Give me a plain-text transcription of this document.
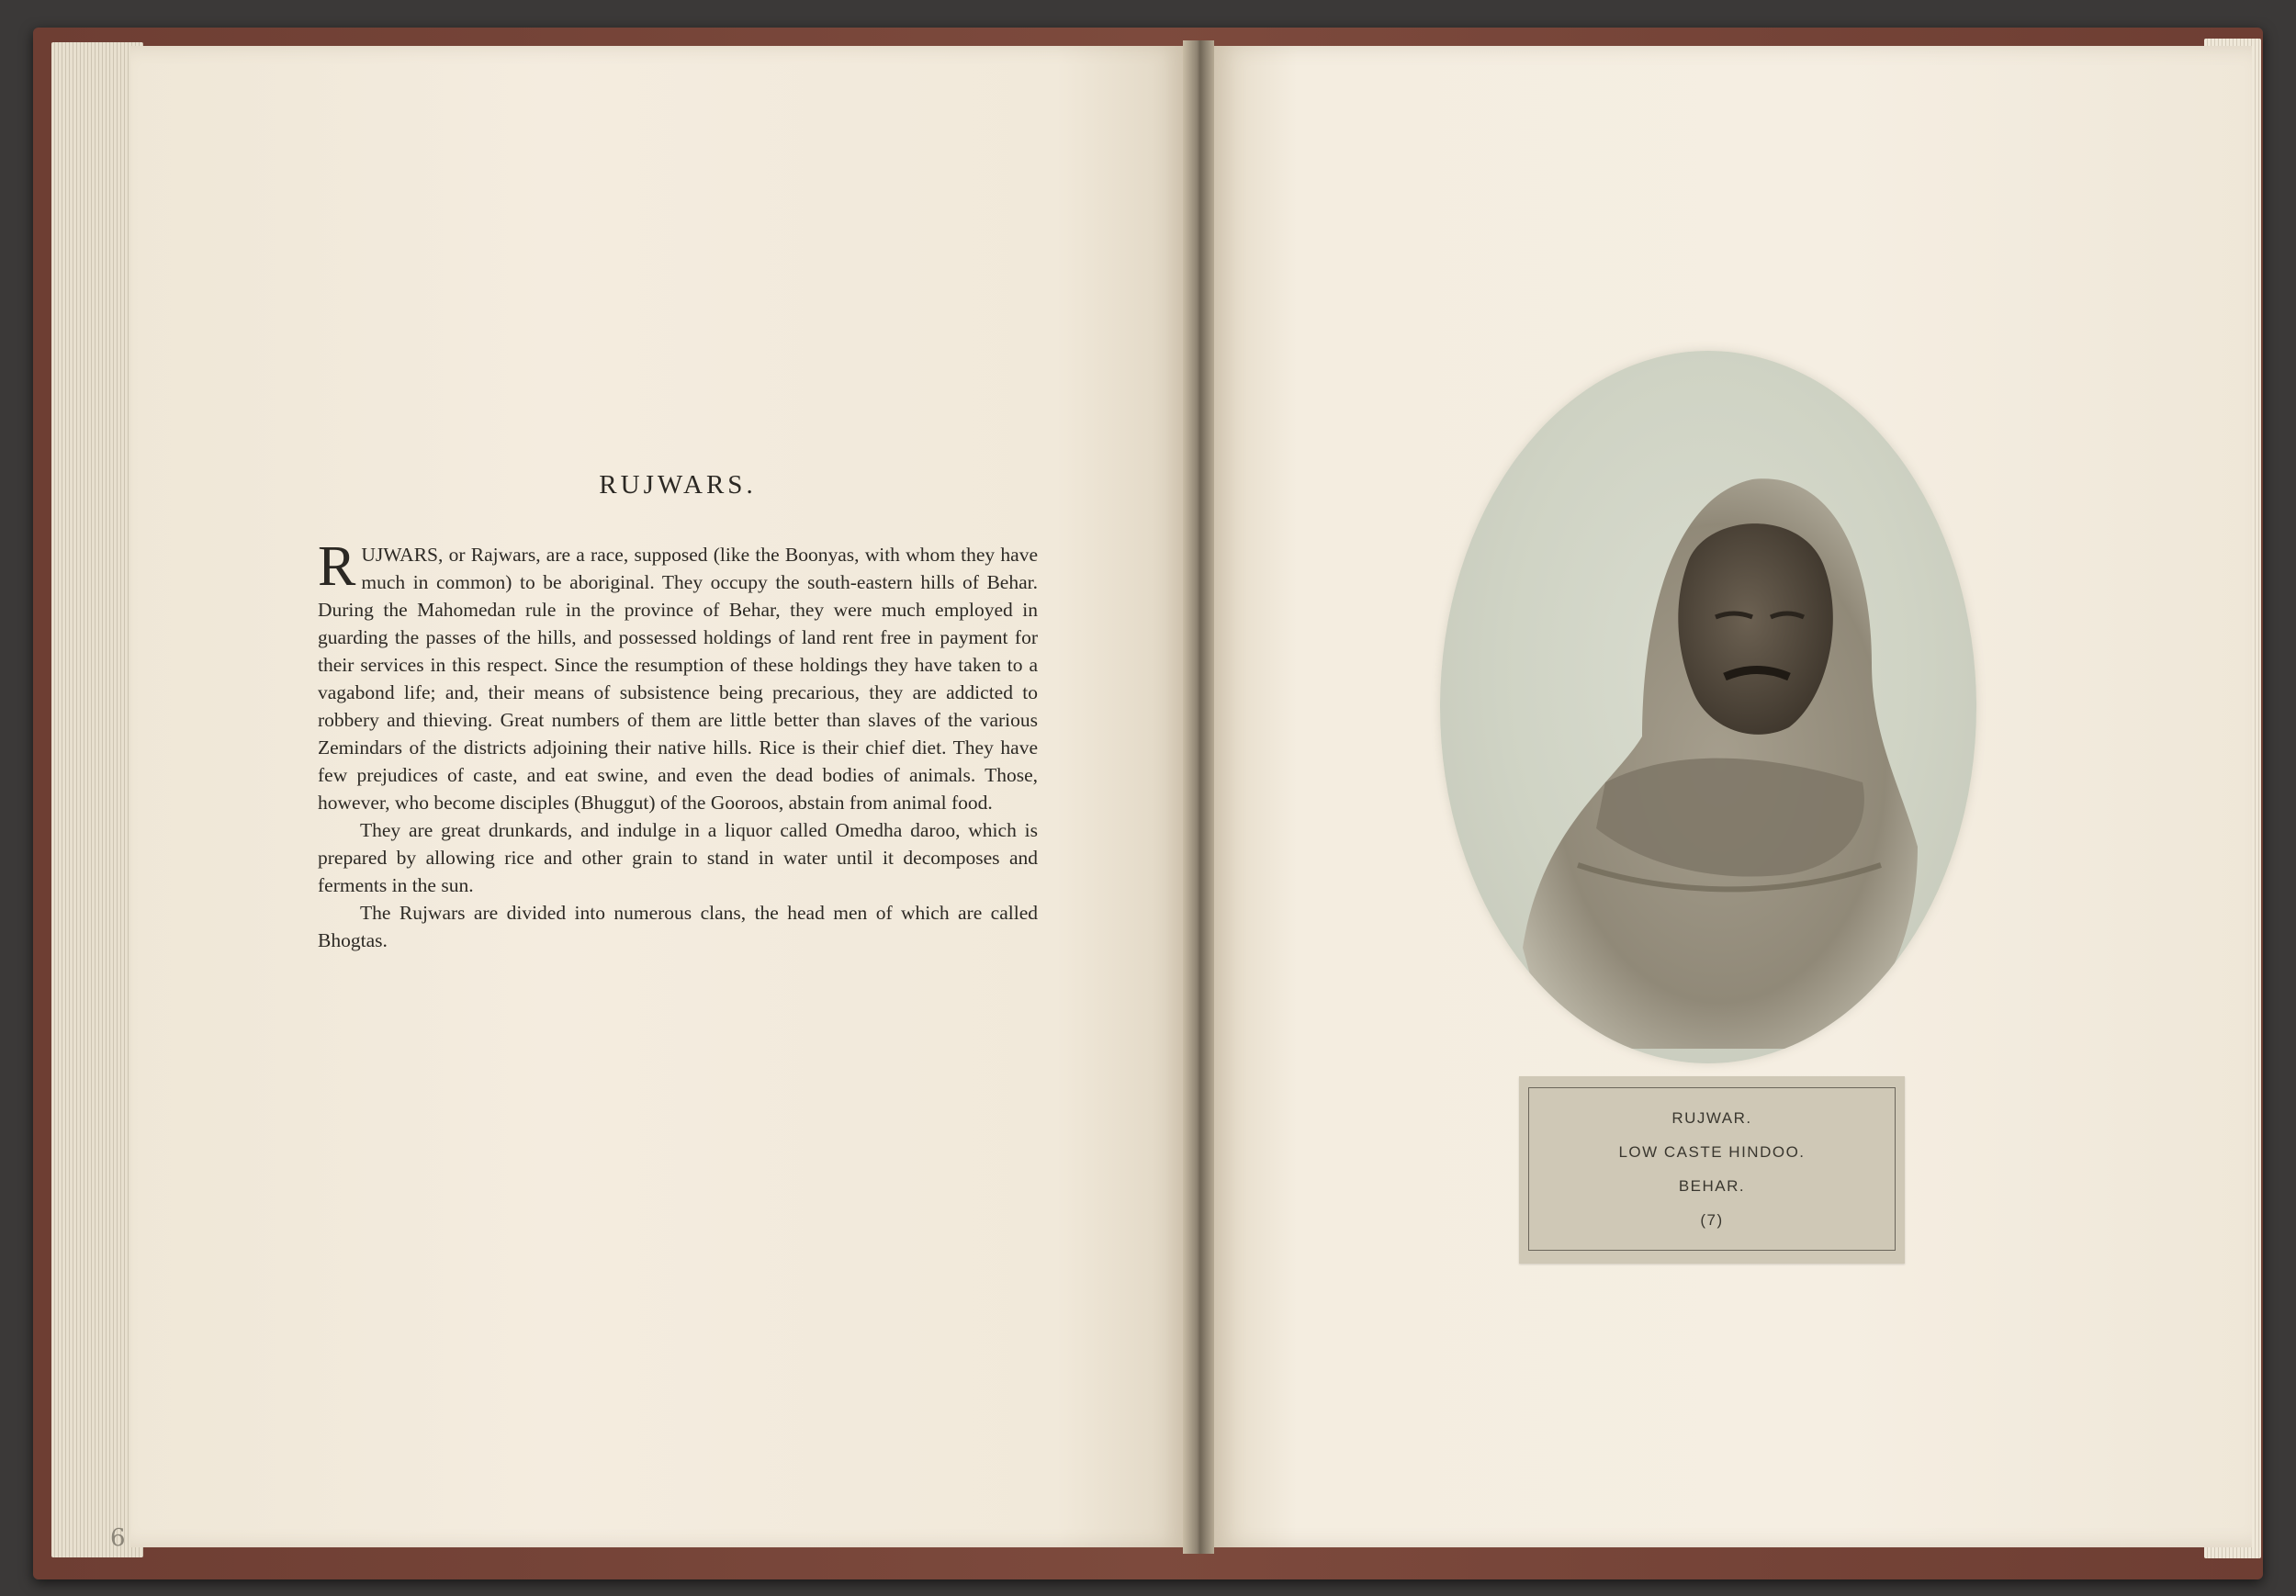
6
RUJWARS.

RUJWARS, or Rajwars, are a race, supposed (like the Boonyas, with whom they have much in common) to be aboriginal. They occupy the south-eastern hills of Behar. During the Mahomedan rule in the province of Behar, they were much employed in guarding the passes of the hills, and possessed holdings of land rent free in payment for their services in this respect. Since the resumption of these holdings they have taken to a vagabond life; and, their means of subsistence being precarious, they are addicted to robbery and thieving. Great numbers of them are little better than slaves of the various Zemindars of the districts adjoining their native hills. Rice is their chief diet. They have few prejudices of caste, and eat swine, and even the dead bodies of animals. Those, however, who become disciples (Bhuggut) of the Gooroos, abstain from animal food.

They are great drunkards, and indulge in a liquor called Omedha daroo, which is prepared by allowing rice and other grain to stand in water until it decomposes and ferments in the sun.

The Rujwars are divided into numerous clans, the head men of which are called Bhogtas.

RUJWAR.
LOW CASTE HINDOO.
BEHAR.
(7)
